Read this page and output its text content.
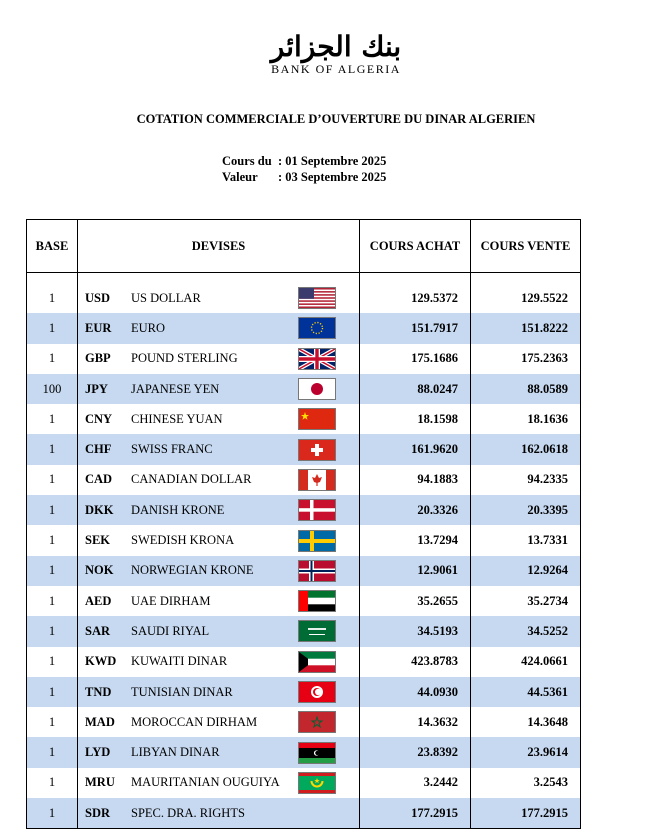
بنك الجزائر
BANK OF ALGERIA
COTATION COMMERCIALE D’OUVERTURE DU DINAR ALGERIEN
Cours du : 01 Septembre 2025
Valeur : 03 Septembre 2025
BASE	DEVISES			COURS ACHAT	COURS VENTE

1	USD	US DOLLAR		129.5372	129.5522
1	EUR	EURO		151.7917	151.8222
1	GBP	POUND STERLING		175.1686	175.2363
100	JPY	JAPANESE YEN		88.0247	88.0589
1	CNY	CHINESE YUAN		18.1598	18.1636
1	CHF	SWISS FRANC		161.9620	162.0618
1	CAD	CANADIAN DOLLAR		94.1883	94.2335
1	DKK	DANISH KRONE		20.3326	20.3395
1	SEK	SWEDISH KRONA		13.7294	13.7331
1	NOK	NORWEGIAN KRONE		12.9061	12.9264
1	AED	UAE DIRHAM		35.2655	35.2734
1	SAR	SAUDI RIYAL		34.5193	34.5252
1	KWD	KUWAITI DINAR		423.8783	424.0661
1	TND	TUNISIAN DINAR		44.0930	44.5361
1	MAD	MOROCCAN DIRHAM		14.3632	14.3648
1	LYD	LIBYAN DINAR		23.8392	23.9614
1	MRU	MAURITANIAN OUGUIYA		3.2442	3.2543
1	SDR	SPEC. DRA. RIGHTS		177.2915	177.2915
